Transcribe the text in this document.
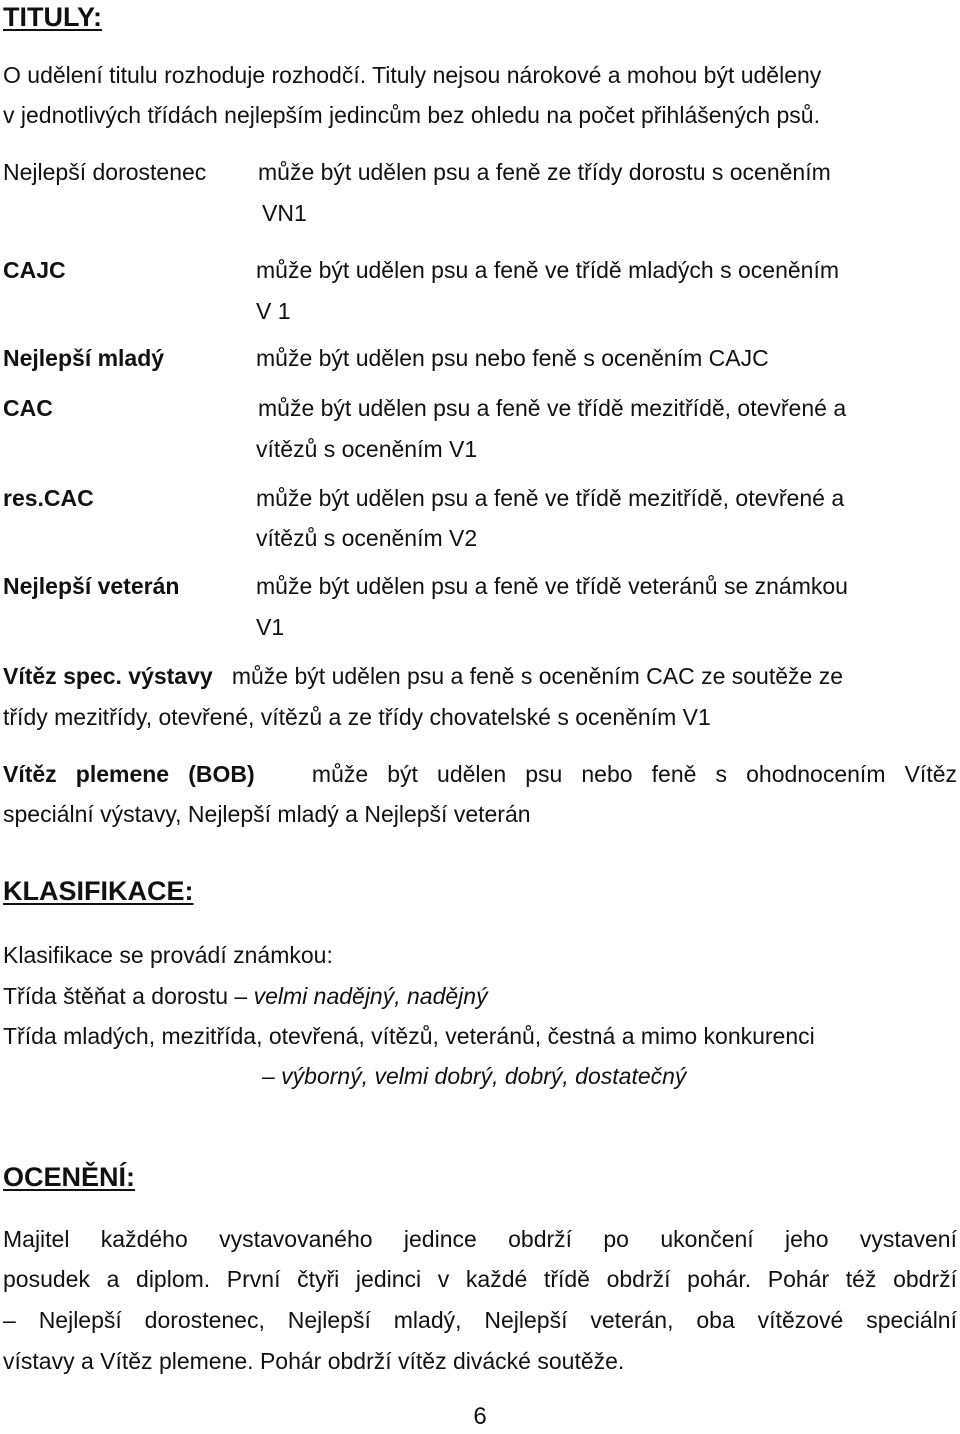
TITULY:
O udělení titulu rozhoduje rozhodčí. Tituly nejsou nárokové a mohou být uděleny
v jednotlivých třídách nejlepším jedincům bez ohledu na počet přihlášených psů.
Nejlepší dorostenec může být udělen psu a feně ze třídy dorostu s oceněním
VN1
CAJC	může být udělen psu a feně ve třídě mladých s oceněním
V 1
Nejlepší mladý	může být udělen psu nebo feně s oceněním CAJC
CAC	může být udělen psu a feně ve třídě mezitřídě, otevřené a
vítězů s oceněním V1
res.CAC	může být udělen psu a feně ve třídě mezitřídě, otevřené a
vítězů s oceněním V2
Nejlepší veterán	může být udělen psu a feně ve třídě veteránů se známkou
V1
Vítěz spec. výstavy může být udělen psu a feně s oceněním CAC ze soutěže ze
třídy mezitřídy, otevřené, vítězů a ze třídy chovatelské s oceněním V1
Vítěz plemene (BOB) může být udělen psu nebo feně s ohodnocením Vítěz
speciální výstavy, Nejlepší mladý a Nejlepší veterán
KLASIFIKACE:
Klasifikace se provádí známkou:
Třída štěňat a dorostu – velmi nadějný, nadějný
Třída mladých, mezitřída, otevřená, vítězů, veteránů, čestná a mimo konkurenci
– výborný, velmi dobrý, dobrý, dostatečný
OCENĚNÍ:
Majitel každého vystavovaného jedince obdrží po ukončení jeho vystavení
posudek a diplom. První čtyři jedinci v každé třídě obdrží pohár. Pohár též obdrží
– Nejlepší dorostenec, Nejlepší mladý, Nejlepší veterán, oba vítězové speciální
vístavy a Vítěz plemene. Pohár obdrží vítěz divácké soutěže.
6
